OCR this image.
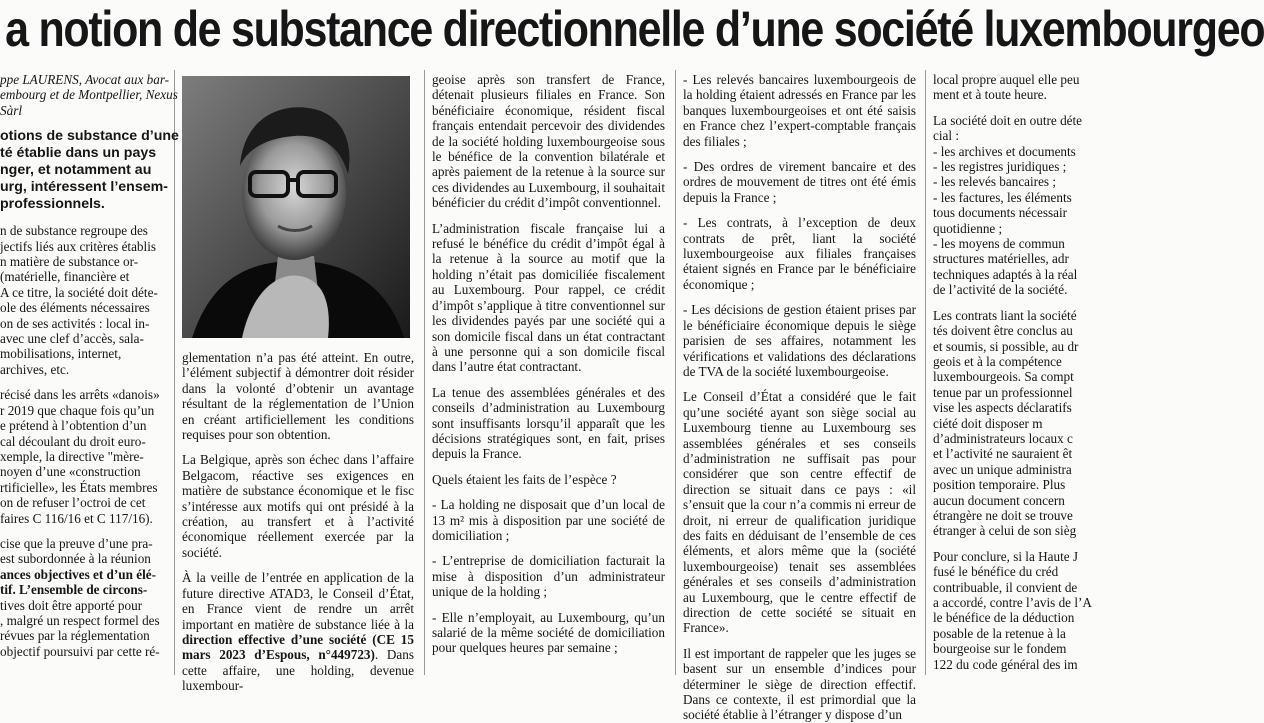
a notion de substance directionnelle d’une société luxembourgeo

ppe LAURENS, Avocat aux bar-
embourg et de Montpellier, Nexus
Sàrl

otions de substance d’une
té établie dans un pays
nger, et notamment au
urg, intéressent l’ensem-
professionnels.

n de substance regroupe des
jectifs liés aux critères établis
n matière de substance or-
(matérielle, financière et
A ce titre, la société doit déte-
ole des éléments nécessaires
on de ses activités : local in-
avec une clef d’accès, sala-
mobilisations, internet,
archives, etc.

récisé dans les arrêts «danois»
r 2019 que chaque fois qu’un
e prétend à l’obtention d’un
cal découlant du droit euro-
xemple, la directive "mère-
noyen d’une «construction
rtificielle», les États membres
on de refuser l’octroi de cet
faires C 116/16 et C 117/16).

cise que la preuve d’une pra-
est subordonnée à la réunion
ances objectives et d’un élé-
tif. L’ensemble de circons-
tives doit être apporté pour
, malgré un respect formel des
révues par la réglementation
objectif poursuivi par cette ré-

glementation n’a pas été atteint. En outre, l’élément subjectif à démontrer doit résider dans la volonté d’obtenir un avantage résultant de la réglementation de l’Union en créant artificiellement les conditions requises pour son obtention.

La Belgique, après son échec dans l’affaire Belgacom, réactive ses exigences en matière de substance économique et le fisc s’intéresse aux motifs qui ont présidé à la création, au transfert et à l’activité économique réellement exercée par la société.

À la veille de l’entrée en application de la future directive ATAD3, le Conseil d’État, en France vient de rendre un arrêt important en matière de substance liée à la direction effective d’une société (CE 15 mars 2023 d’Espous, n°449723). Dans cette affaire, une holding, devenue luxembour-

geoise après son transfert de France, détenait plusieurs filiales en France. Son bénéficiaire économique, résident fiscal français entendait percevoir des dividendes de la société holding luxembourgeoise sous le bénéfice de la convention bilatérale et après paiement de la retenue à la source sur ces dividendes au Luxembourg, il souhaitait bénéficier du crédit d’impôt conventionnel.

L’administration fiscale française lui a refusé le bénéfice du crédit d’impôt égal à la retenue à la source au motif que la holding n’était pas domiciliée fiscalement au Luxembourg. Pour rappel, ce crédit d’impôt s’applique à titre conventionnel sur les dividendes payés par une société qui a son domicile fiscal dans un état contractant à une personne qui a son domicile fiscal dans l’autre état contractant.

La tenue des assemblées générales et des conseils d’administration au Luxembourg sont insuffisants lorsqu’il apparaît que les décisions stratégiques sont, en fait, prises depuis la France.

Quels étaient les faits de l’espèce ?

- La holding ne disposait que d’un local de 13 m² mis à disposition par une société de domiciliation ;

- L’entreprise de domiciliation facturait la mise à disposition d’un administrateur unique de la holding ;

- Elle n’employait, au Luxembourg, qu’un salarié de la même société de domiciliation pour quelques heures par semaine ;

- Les relevés bancaires luxembourgeois de la holding étaient adressés en France par les banques luxembourgeoises et ont été saisis en France chez l’expert-comptable français des filiales ;

- Des ordres de virement bancaire et des ordres de mouvement de titres ont été émis depuis la France ;

- Les contrats, à l’exception de deux contrats de prêt, liant la société luxembourgeoise aux filiales françaises étaient signés en France par le bénéficiaire économique ;

- Les décisions de gestion étaient prises par le bénéficiaire économique depuis le siège parisien de ses affaires, notamment les vérifications et validations des déclarations de TVA de la société luxembourgeoise.

Le Conseil d’État a considéré que le fait qu’une société ayant son siège social au Luxembourg tienne au Luxembourg ses assemblées générales et ses conseils d’administration ne suffisait pas pour considérer que son centre effectif de direction se situait dans ce pays : «il s’ensuit que la cour n’a commis ni erreur de droit, ni erreur de qualification juridique des faits en déduisant de l’ensemble de ces éléments, et alors même que la (société luxembourgeoise) tenait ses assemblées générales et ses conseils d’administration au Luxembourg, que le centre effectif de direction de cette société se situait en France».

Il est important de rappeler que les juges se basent sur un ensemble d’indices pour déterminer le siège de direction effectif. Dans ce contexte, il est primordial que la société établie à l’étranger y dispose d’un

local propre auquel elle peu
ment et à toute heure.

La société doit en outre déte
cial :
- les archives et documents
- les registres juridiques ;
- les relevés bancaires ;
- les factures, les éléments
tous documents nécessair
quotidienne ;
- les moyens de commun
structures matérielles, adr
techniques adaptés à la réal
de l’activité de la société.

Les contrats liant la société
tés doivent être conclus au
et soumis, si possible, au dr
geois et à la compétence
luxembourgeois. Sa compt
tenue par un professionnel
vise les aspects déclaratifs
ciété doit disposer m
d’administrateurs locaux c
et l’activité ne sauraient êt
avec un unique administra
position temporaire. Plus
aucun document concern
étrangère ne doit se trouve
étranger à celui de son sièg

Pour conclure, si la Haute J
fusé le bénéfice du créd
contribuable, il convient de
a accordé, contre l’avis de l’A
le bénéfice de la déduction
posable de la retenue à la
bourgeoise sur le fondem
122 du code général des im
